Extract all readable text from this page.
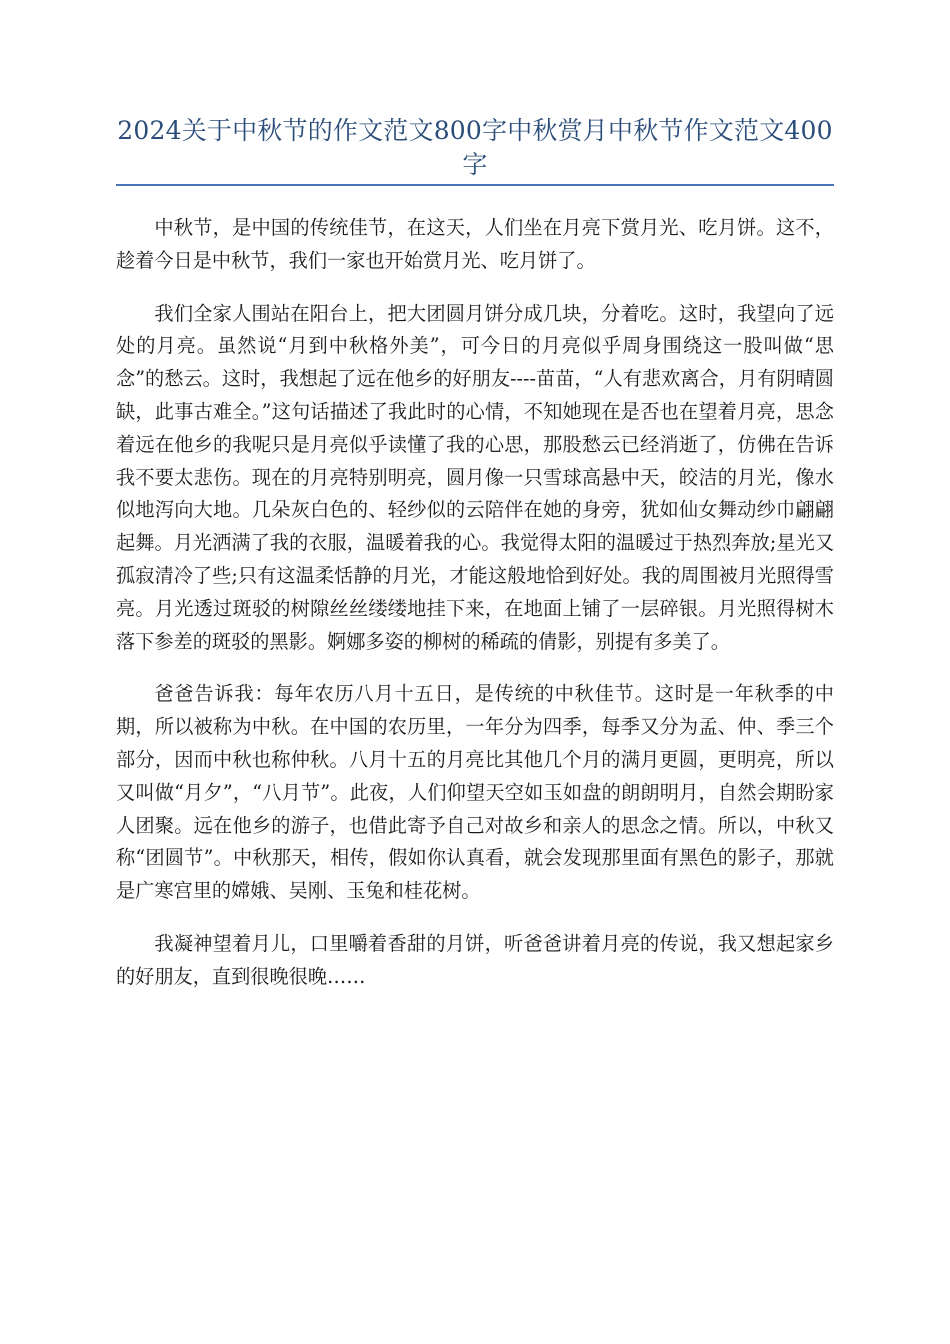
2024关于中秋节的作文范文800字中秋赏月中秋节作文范文400字

中秋节，是中国的传统佳节，在这天，人们坐在月亮下赏月光、吃月饼。这不，趁着今日是中秋节，我们一家也开始赏月光、吃月饼了。

我们全家人围站在阳台上，把大团圆月饼分成几块，分着吃。这时，我望向了远处的月亮。虽然说“月到中秋格外美”，可今日的月亮似乎周身围绕这一股叫做“思念”的愁云。这时，我想起了远在他乡的好朋友----苗苗，“人有悲欢离合，月有阴晴圆缺，此事古难全。”这句话描述了我此时的心情，不知她现在是否也在望着月亮，思念着远在他乡的我呢只是月亮似乎读懂了我的心思，那股愁云已经消逝了，仿佛在告诉我不要太悲伤。现在的月亮特别明亮，圆月像一只雪球高悬中天，皎洁的月光，像水似地泻向大地。几朵灰白色的、轻纱似的云陪伴在她的身旁，犹如仙女舞动纱巾翩翩起舞。月光洒满了我的衣服，温暖着我的心。我觉得太阳的温暖过于热烈奔放;星光又孤寂清冷了些;只有这温柔恬静的月光，才能这般地恰到好处。我的周围被月光照得雪亮。月光透过斑驳的树隙丝丝缕缕地挂下来，在地面上铺了一层碎银。月光照得树木落下参差的斑驳的黑影。婀娜多姿的柳树的稀疏的倩影，别提有多美了。

爸爸告诉我：每年农历八月十五日，是传统的中秋佳节。这时是一年秋季的中期，所以被称为中秋。在中国的农历里，一年分为四季，每季又分为孟、仲、季三个部分，因而中秋也称仲秋。八月十五的月亮比其他几个月的满月更圆，更明亮，所以又叫做“月夕”，“八月节”。此夜，人们仰望天空如玉如盘的朗朗明月，自然会期盼家人团聚。远在他乡的游子，也借此寄予自己对故乡和亲人的思念之情。所以，中秋又称“团圆节”。中秋那天，相传，假如你认真看，就会发现那里面有黑色的影子，那就是广寒宫里的嫦娥、吴刚、玉兔和桂花树。

我凝神望着月儿，口里嚼着香甜的月饼，听爸爸讲着月亮的传说，我又想起家乡的好朋友，直到很晚很晚……
